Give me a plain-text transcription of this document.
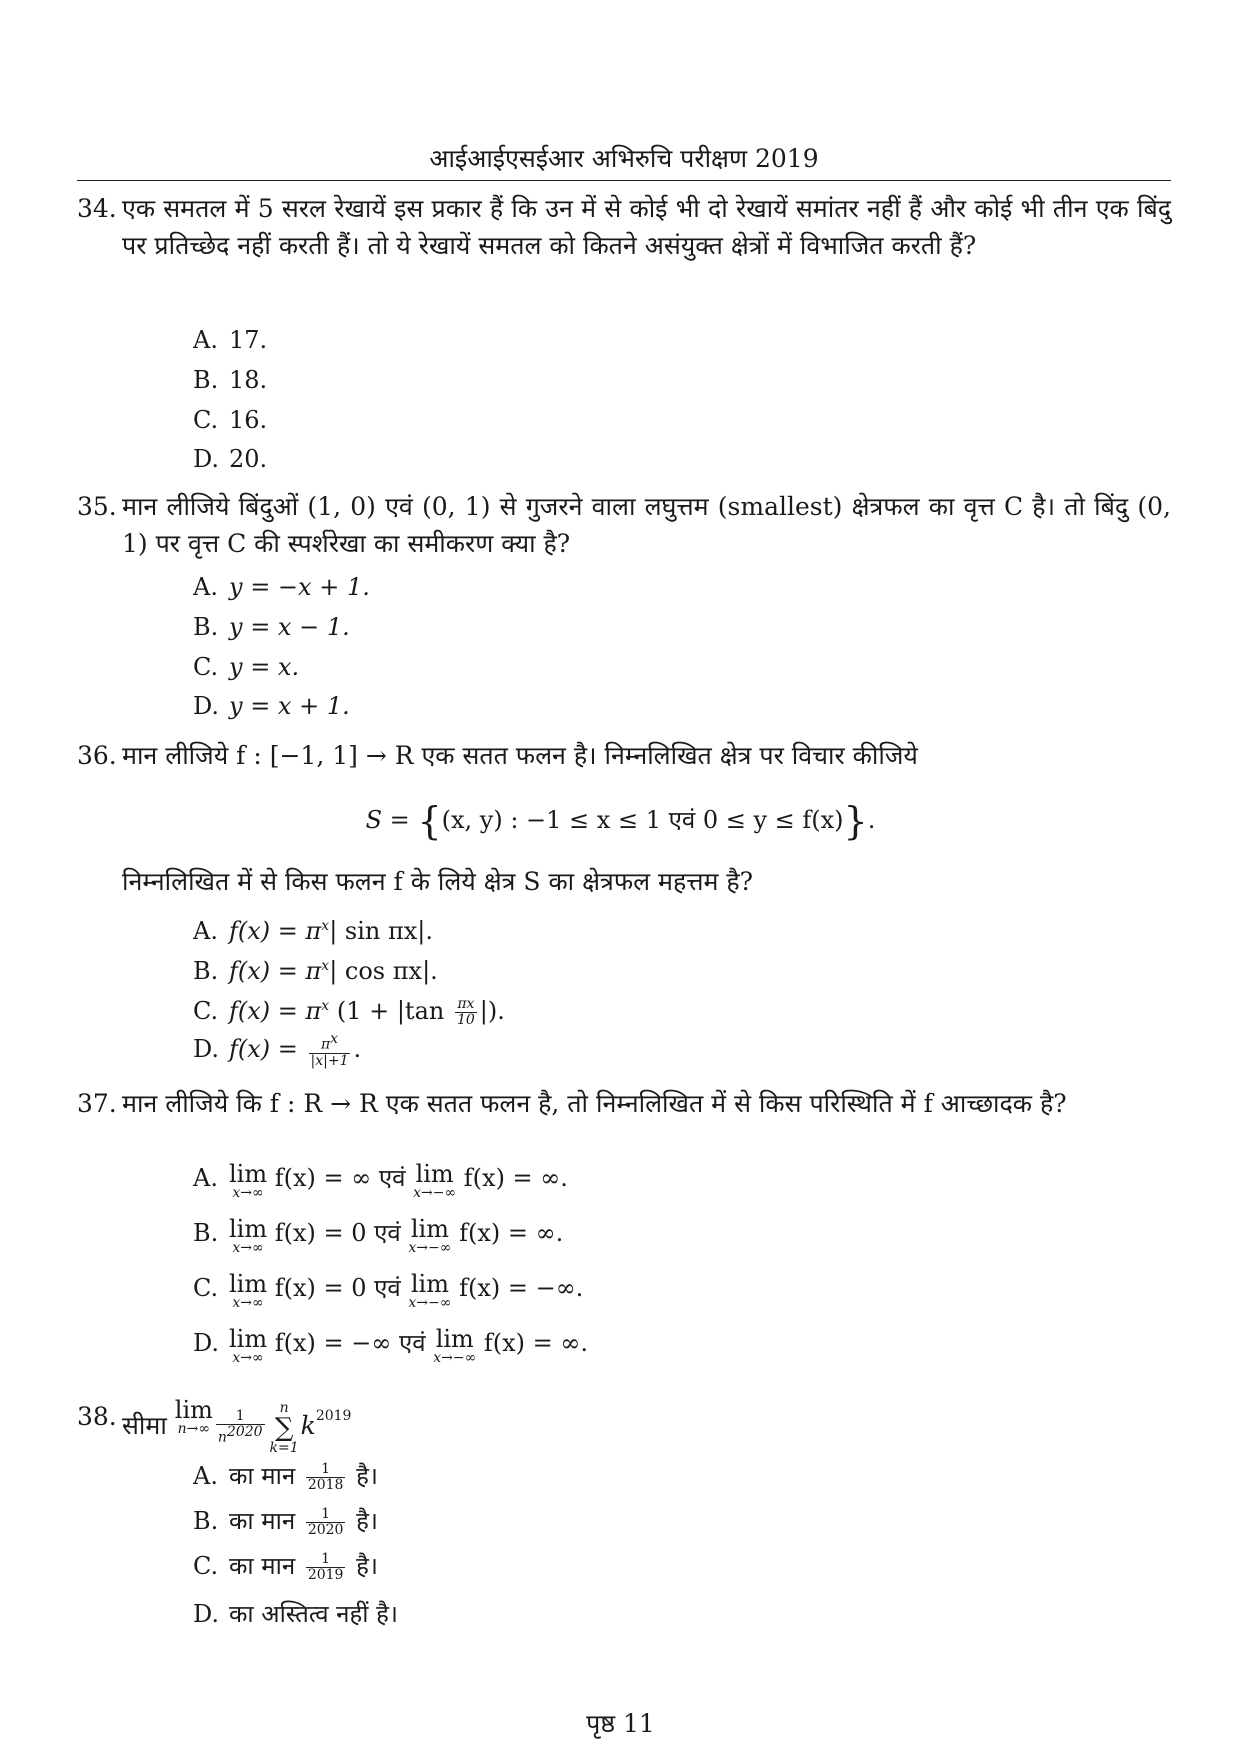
आईआईएसईआर अभिरुचि परीक्षण 2019
34. एक समतल में 5 सरल रेखायें इस प्रकार हैं कि उन में से कोई भी दो रेखायें समांतर नहीं हैं और कोई भी तीन एक बिंदु पर प्रतिच्छेद नहीं करती हैं। तो ये रेखायें समतल को कितने असंयुक्त क्षेत्रों में विभाजित करती हैं?
A. 17.
B. 18.
C. 16.
D. 20.
35. मान लीजिये बिंदुओं (1, 0) एवं (0, 1) से गुजरने वाला लघुत्तम (smallest) क्षेत्रफल का वृत्त C है। तो बिंदु (0, 1) पर वृत्त C की स्पर्शरेखा का समीकरण क्या है?
A. y = −x + 1.
B. y = x − 1.
C. y = x.
D. y = x + 1.
36. मान लीजिये f : [−1, 1] → R एक सतत फलन है। निम्नलिखित क्षेत्र पर विचार कीजिये
S = {(x, y) : −1 ≤ x ≤ 1 एवं 0 ≤ y ≤ f(x)}.
निम्नलिखित में से किस फलन f के लिये क्षेत्र S का क्षेत्रफल महत्तम है?
A. $f(x) = \pi^x|$ sin πx|.
B. $f(x) = \pi^x|$ cos πx|.
C. $f(x) = \pi^x$ ($1 + |\tan \frac{\pi x}{10}$ |).
D. $f(x) = \frac{\pi^x}{|x|+1}$ .
37. मान लीजिये कि f : R → R एक सतत फलन है, तो निम्नलिखित में से किस परिस्थिति में f आच्छादक है?
A. lim
x→∞
f(x) = ∞ एवं lim
x→−∞
f(x) = ∞.
B. lim
x→∞
f(x) = 0 एवं lim
x→−∞
f(x) = ∞.
C. lim
x→∞
f(x) = 0 एवं lim
x→−∞
f(x) = −∞.
D. lim
x→∞
f(x) = −∞ एवं lim
x→−∞
f(x) = ∞.
38. सीमा lim
$n\to\infty \frac{1}{n^{2020}}$
n
∑
k=1
$k^{2019}$
A. का मान $\frac{1}{2018}$ है।
B. का मान $\frac{1}{2020}$ है।
C. का मान $\frac{1}{2019}$ है।
D. का अस्तित्व नहीं है।
पृष्ठ 11
